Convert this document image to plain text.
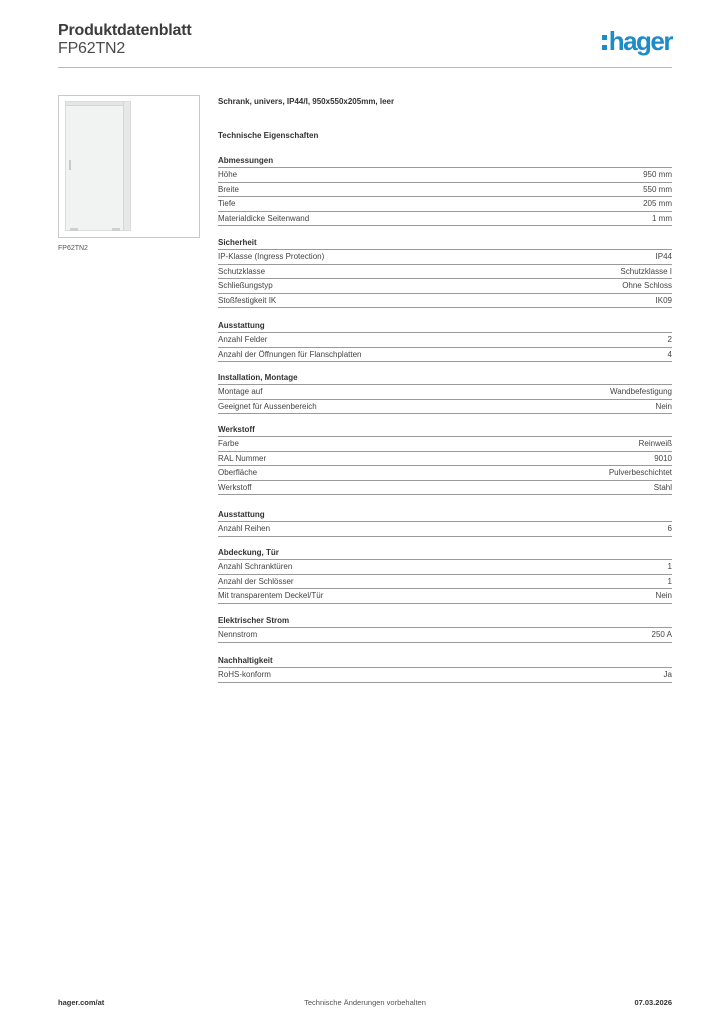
Produktdatenblatt
FP62TN2	hager
FP62TN2
Schrank, univers, IP44/I, 950x550x205mm, leer
Technische Eigenschaften
Abmessungen
Höhe	950 mm
Breite	550 mm
Tiefe	205 mm
Materialdicke Seitenwand	1 mm
Sicherheit
IP-Klasse (Ingress Protection)	IP44
Schutzklasse	Schutzklasse I
Schließungstyp	Ohne Schloss
Stoßfestigkeit IK	IK09
Ausstattung
Anzahl Felder	2
Anzahl der Öffnungen für Flanschplatten	4
Installation, Montage
Montage auf	Wandbefestigung
Geeignet für Aussenbereich	Nein
Werkstoff
Farbe	Reinweiß
RAL Nummer	9010
Oberfläche	Pulverbeschichtet
Werkstoff	Stahl
Ausstattung
Anzahl Reihen	6
Abdeckung, Tür
Anzahl Schranktüren	1
Anzahl der Schlösser	1
Mit transparentem Deckel/Tür	Nein
Elektrischer Strom
Nennstrom	250 A
Nachhaltigkeit
RoHS-konform	Ja
hager.com/at	Technische Änderungen vorbehalten	07.03.2026
